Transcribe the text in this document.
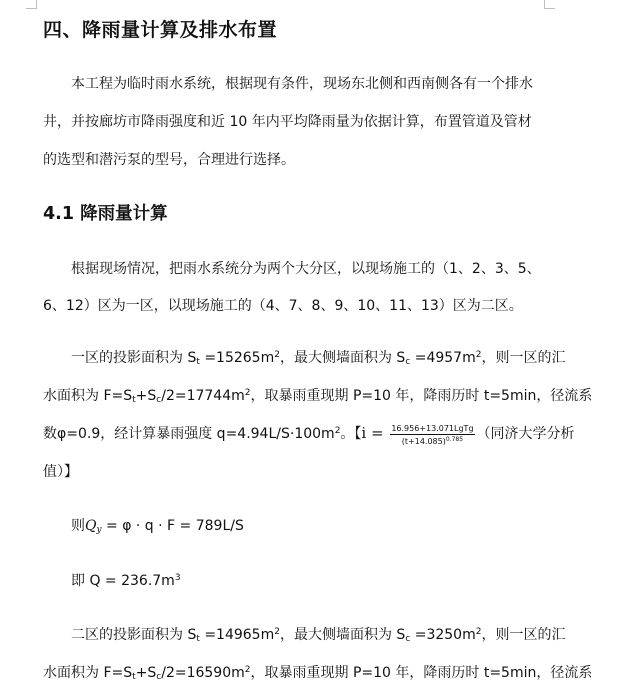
四、降雨量计算及排水布置
本工程为临时雨水系统，根据现有条件，现场东北侧和西南侧各有一个排水
井，并按廊坊市降雨强度和近 10 年内平均降雨量为依据计算，布置管道及管材
的选型和潜污泵的型号，合理进行选择。
4.1 降雨量计算
根据现场情况，把雨水系统分为两个大分区，以现场施工的（1、2、3、5、
6、12）区为一区，以现场施工的（4、7、8、9、10、11、13）区为二区。
一区的投影面积为 $S_t =15265m^2$，最大侧墙面积为 $S_c =4957m^2$，则一区的汇
水面积为 $F=S_t+S_c/2=17744m^2$，取暴雨重现期 P=10 年，降雨历时 t=5min，径流系
数φ=0.9，经计算暴雨强度 $q=4.94L/S\cdot 100m^2$。【$i = \frac{\text{16.956+13.071LgTg}}{(t+14.085)^{0.785}}$ （同济大学分析
值）】
则$Q_y = \varphi \cdot q \cdot F = 789L/S$
即 $Q = 236.7m^3$
二区的投影面积为 $S_t =14965m^2$，最大侧墙面积为 $S_c =3250m^2$，则一区的汇
水面积为 $F=S_t+S_c/2=16590m^2$，取暴雨重现期 P=10 年，降雨历时 t=5min，径流系
